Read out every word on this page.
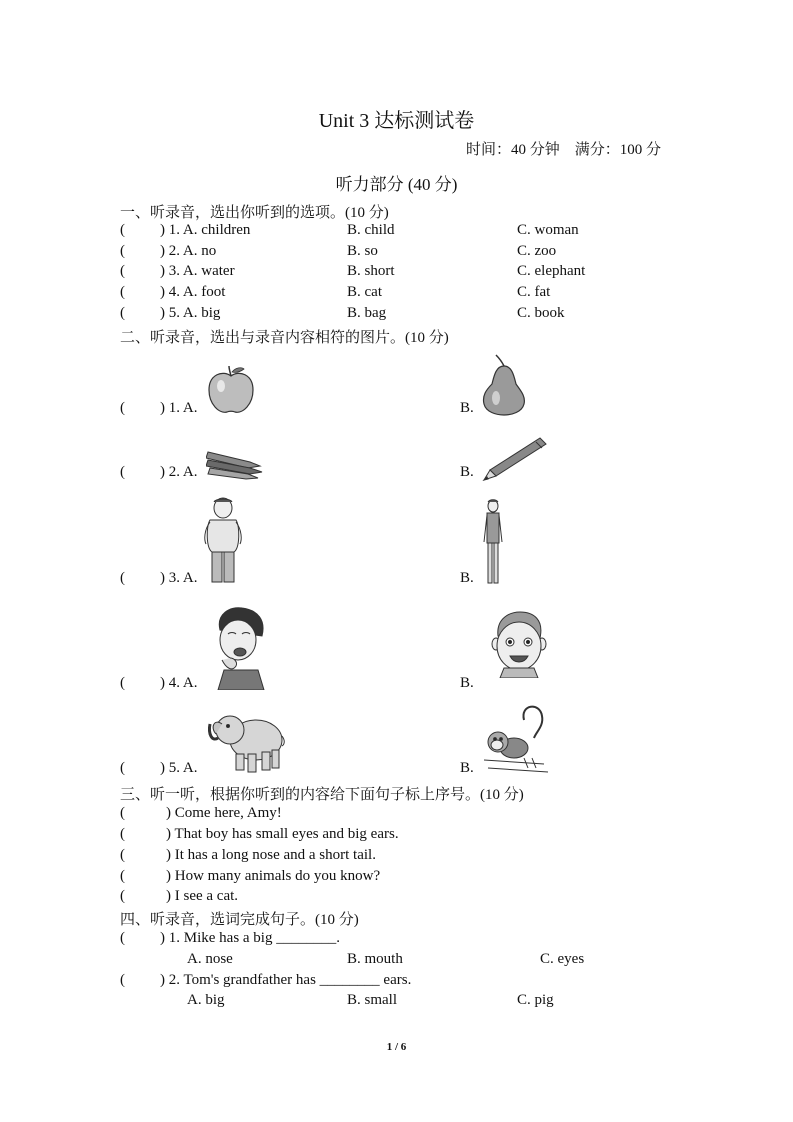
Unit 3 达标测试卷
时间：40 分钟　满分：100 分
听力部分 (40 分)
一、听录音，选出你听到的选项。(10 分)
( ) 1. A. children	B. child	C. woman
( ) 2. A. no	B. so	C. zoo
( ) 3. A. water	B. short	C. elephant
( ) 4. A. foot	B. cat	C. fat
( ) 5. A. big	B. bag	C. book
二、听录音，选出与录音内容相符的图片。(10 分)
( ) 1. A.	B.
( ) 2. A.	B.
( ) 3. A.	B.
( ) 4. A.	B.
( ) 5. A.	B.
三、听一听，根据你听到的内容给下面句子标上序号。(10 分)
(	) Come here, Amy!
(	) That boy has small eyes and big ears.
(	) It has a long nose and a short tail.
(	) How many animals do you know?
(	) I see a cat.
四、听录音，选词完成句子。(10 分)
( ) 1. Mike has a big ________.
A. nose	B. mouth	C. eyes
( ) 2. Tom's grandfather has ________ ears.
A. big	B. small	C. pig
1 / 6
